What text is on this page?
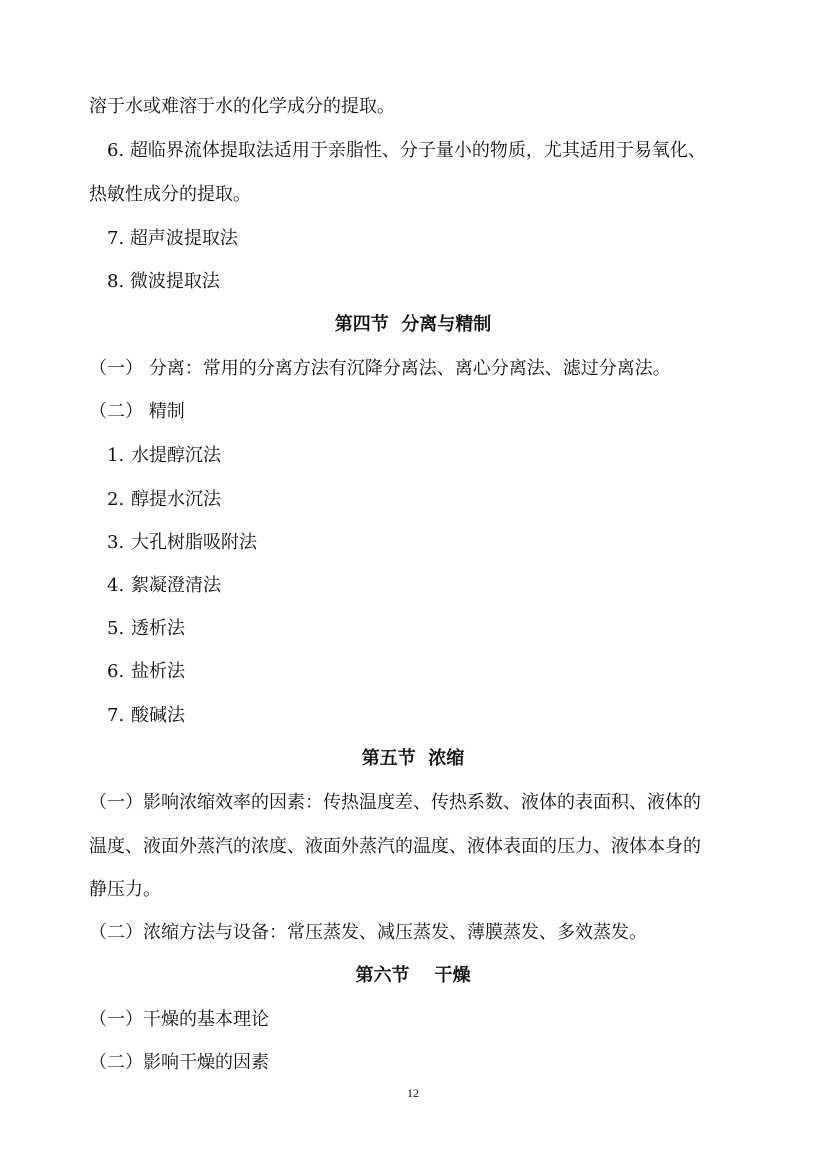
溶于水或难溶于水的化学成分的提取。
6. 超临界流体提取法适用于亲脂性、分子量小的物质，尤其适用于易氧化、
热敏性成分的提取。
7. 超声波提取法
8. 微波提取法
第四节  分离与精制
（一） 分离：常用的分离方法有沉降分离法、离心分离法、滤过分离法。
（二） 精制
1. 水提醇沉法
2. 醇提水沉法
3. 大孔树脂吸附法
4. 絮凝澄清法
5. 透析法
6. 盐析法
7. 酸碱法
第五节  浓缩
（一）影响浓缩效率的因素：传热温度差、传热系数、液体的表面积、液体的
温度、液面外蒸汽的浓度、液面外蒸汽的温度、液体表面的压力、液体本身的
静压力。
（二）浓缩方法与设备：常压蒸发、减压蒸发、薄膜蒸发、多效蒸发。
第六节    干燥
（一）干燥的基本理论
（二）影响干燥的因素
12
